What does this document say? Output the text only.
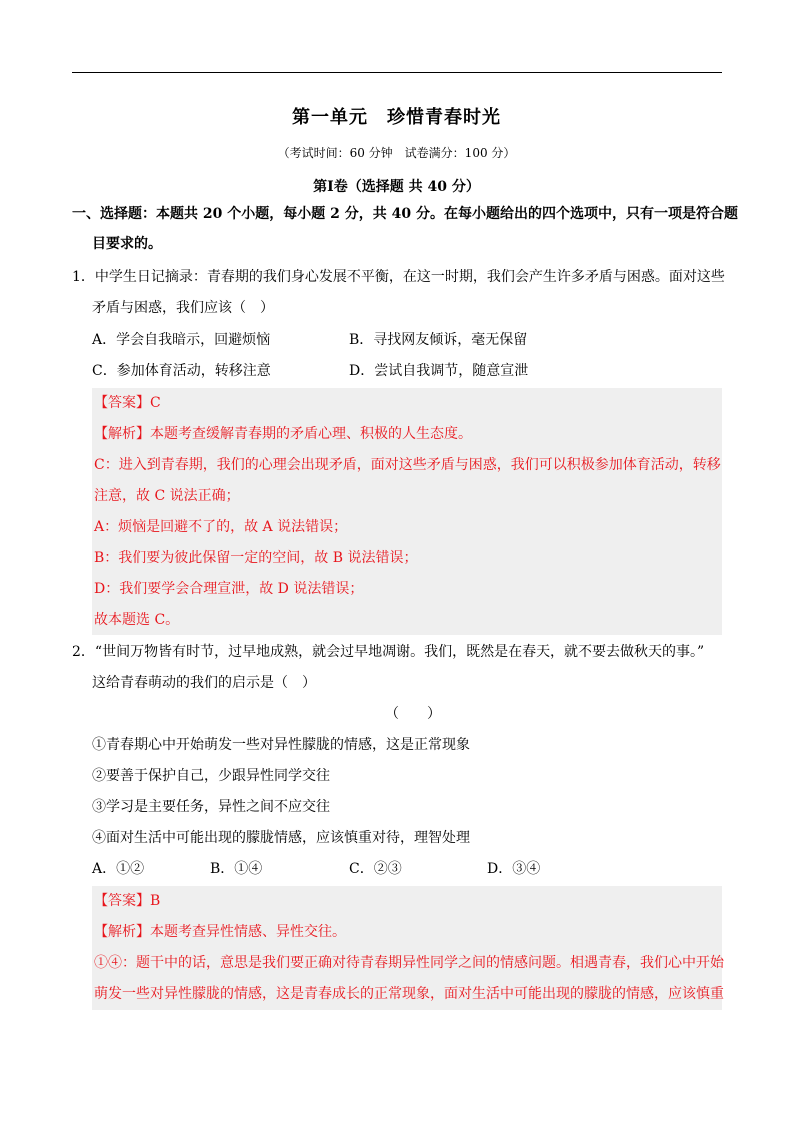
第一单元　珍惜青春时光
（考试时间：60 分钟　试卷满分：100 分）
第Ⅰ卷（选择题 共 40 分）
一、选择题：本题共 20 个小题，每小题 2 分，共 40 分。在每小题给出的四个选项中，只有一项是符合题
目要求的。
1．中学生日记摘录：青春期的我们身心发展不平衡，在这一时期，我们会产生许多矛盾与困惑。面对这些
矛盾与困惑，我们应该（　）
A．学会自我暗示，回避烦恼	B．寻找网友倾诉，毫无保留
C．参加体育活动，转移注意	D．尝试自我调节，随意宣泄
【答案】C
【解析】本题考查缓解青春期的矛盾心理、积极的人生态度。
C：进入到青春期，我们的心理会出现矛盾，面对这些矛盾与困惑，我们可以积极参加体育活动，转移
注意，故 C 说法正确；
A：烦恼是回避不了的，故 A 说法错误；
B：我们要为彼此保留一定的空间，故 B 说法错误；
D：我们要学会合理宣泄，故 D 说法错误；
故本题选 C。
2．“世间万物皆有时节，过早地成熟，就会过早地凋谢。我们，既然是在春天，就不要去做秋天的事。”
这给青春萌动的我们的启示是（　）
（　　）
①青春期心中开始萌发一些对异性朦胧的情感，这是正常现象
②要善于保护自己，少跟异性同学交往
③学习是主要任务，异性之间不应交往
④面对生活中可能出现的朦胧情感，应该慎重对待，理智处理
A．①②	B．①④	C．②③	D．③④
【答案】B
【解析】本题考查异性情感、异性交往。
①④：题干中的话，意思是我们要正确对待青春期异性同学之间的情感问题。相遇青春，我们心中开始
萌发一些对异性朦胧的情感，这是青春成长的正常现象，面对生活中可能出现的朦胧的情感，应该慎重
